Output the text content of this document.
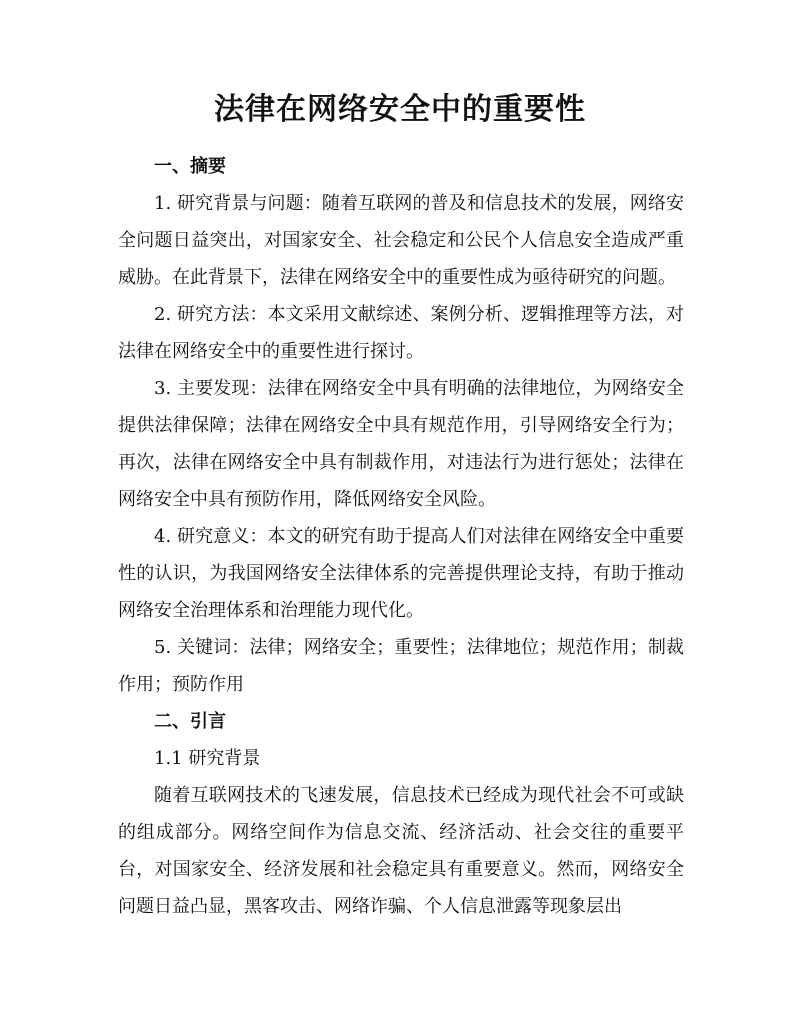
法律在网络安全中的重要性

一、摘要

1. 研究背景与问题：随着互联网的普及和信息技术的发展，网络安全问题日益突出，对国家安全、社会稳定和公民个人信息安全造成严重威胁。在此背景下，法律在网络安全中的重要性成为亟待研究的问题。

2. 研究方法：本文采用文献综述、案例分析、逻辑推理等方法，对法律在网络安全中的重要性进行探讨。

3. 主要发现：法律在网络安全中具有明确的法律地位，为网络安全提供法律保障；法律在网络安全中具有规范作用，引导网络安全行为；再次，法律在网络安全中具有制裁作用，对违法行为进行惩处；法律在网络安全中具有预防作用，降低网络安全风险。

4. 研究意义：本文的研究有助于提高人们对法律在网络安全中重要性的认识，为我国网络安全法律体系的完善提供理论支持，有助于推动网络安全治理体系和治理能力现代化。

5. 关键词：法律；网络安全；重要性；法律地位；规范作用；制裁作用；预防作用

二、引言

1.1 研究背景

随着互联网技术的飞速发展，信息技术已经成为现代社会不可或缺的组成部分。网络空间作为信息交流、经济活动、社会交往的重要平台，对国家安全、经济发展和社会稳定具有重要意义。然而，网络安全问题日益凸显，黑客攻击、网络诈骗、个人信息泄露等现象层出
